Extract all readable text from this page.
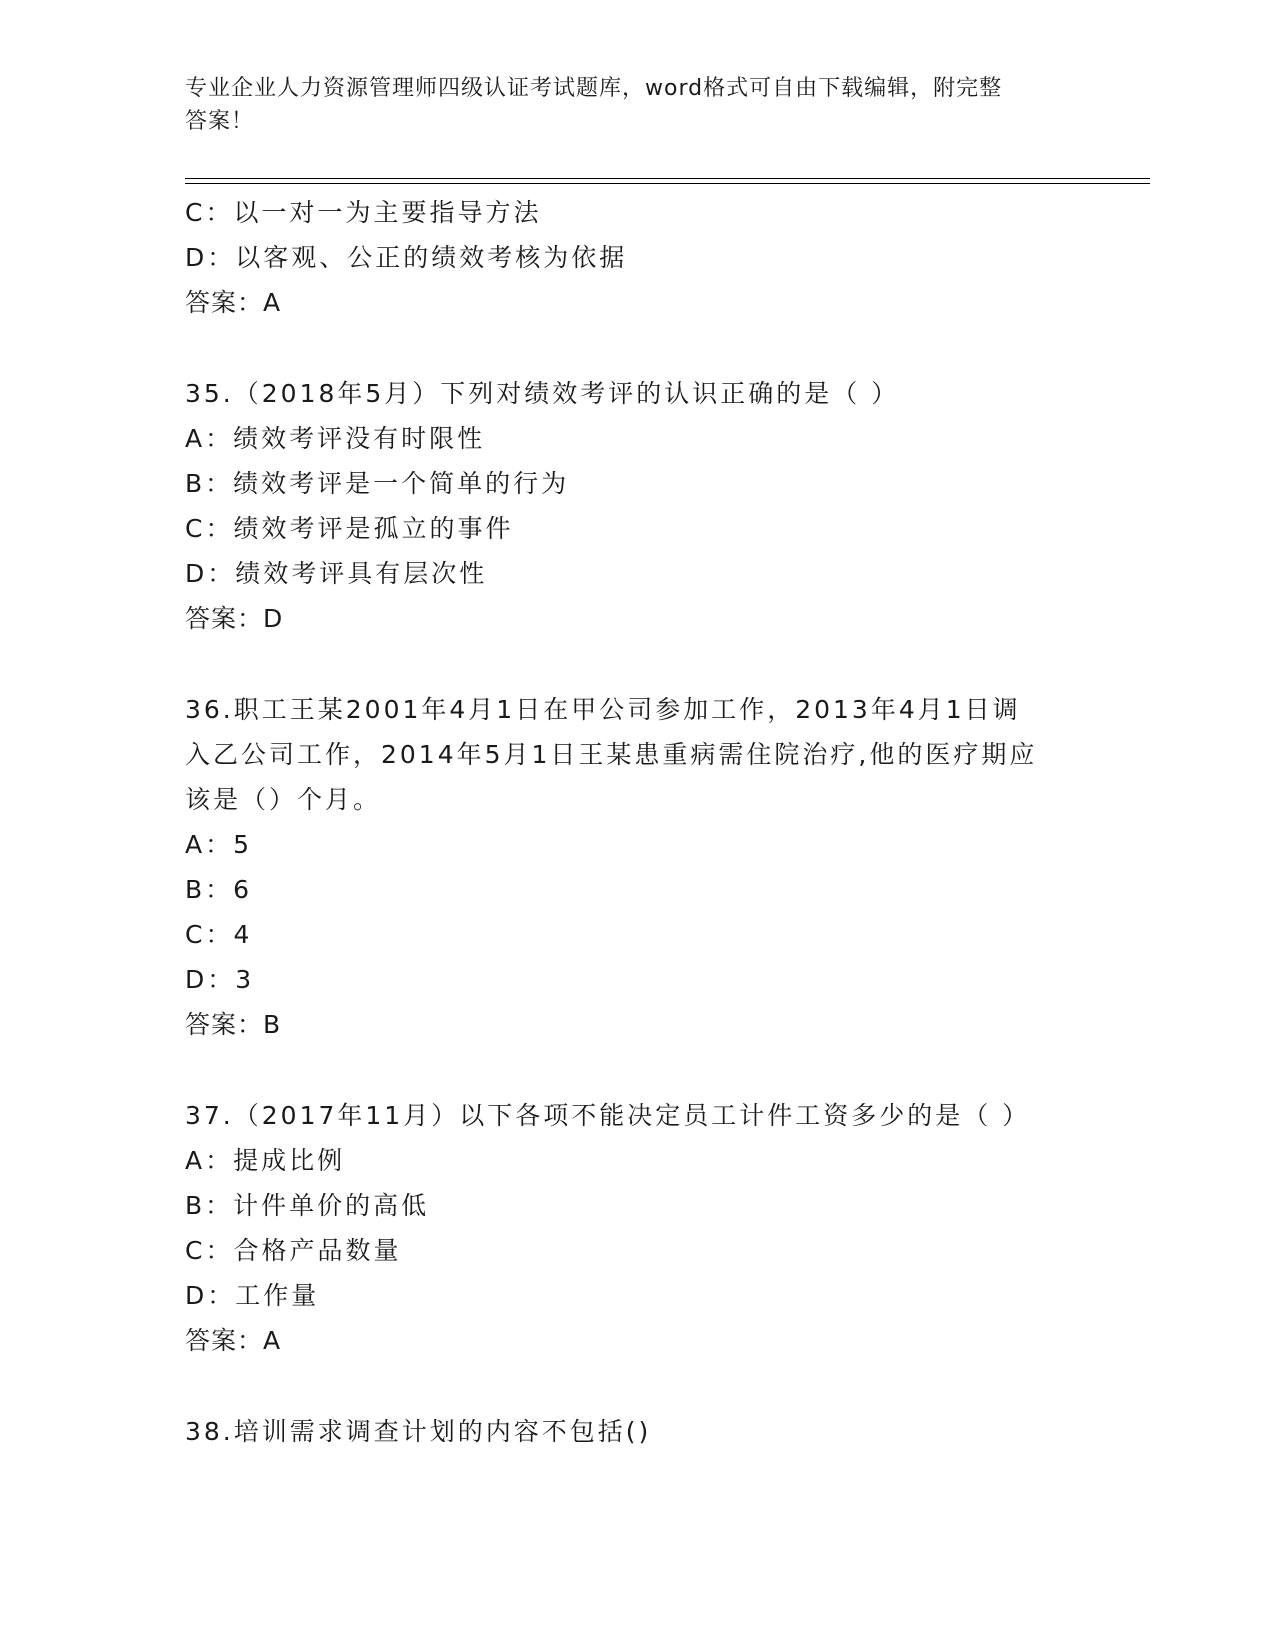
专业企业人力资源管理师四级认证考试题库，word格式可自由下载编辑，附完整
答案！
C：以一对一为主要指导方法
D：以客观、公正的绩效考核为依据
答案：A
35.（2018年5月）下列对绩效考评的认识正确的是（ ）
A：绩效考评没有时限性
B：绩效考评是一个简单的行为
C：绩效考评是孤立的事件
D：绩效考评具有层次性
答案：D
36.职工王某2001年4月1日在甲公司参加工作，2013年4月1日调
入乙公司工作，2014年5月1日王某患重病需住院治疗,他的医疗期应
该是（）个月。
A：5
B：6
C：4
D：3
答案：B
37.（2017年11月）以下各项不能决定员工计件工资多少的是（ ）
A：提成比例
B：计件单价的高低
C：合格产品数量
D：工作量
答案：A
38.培训需求调查计划的内容不包括()
